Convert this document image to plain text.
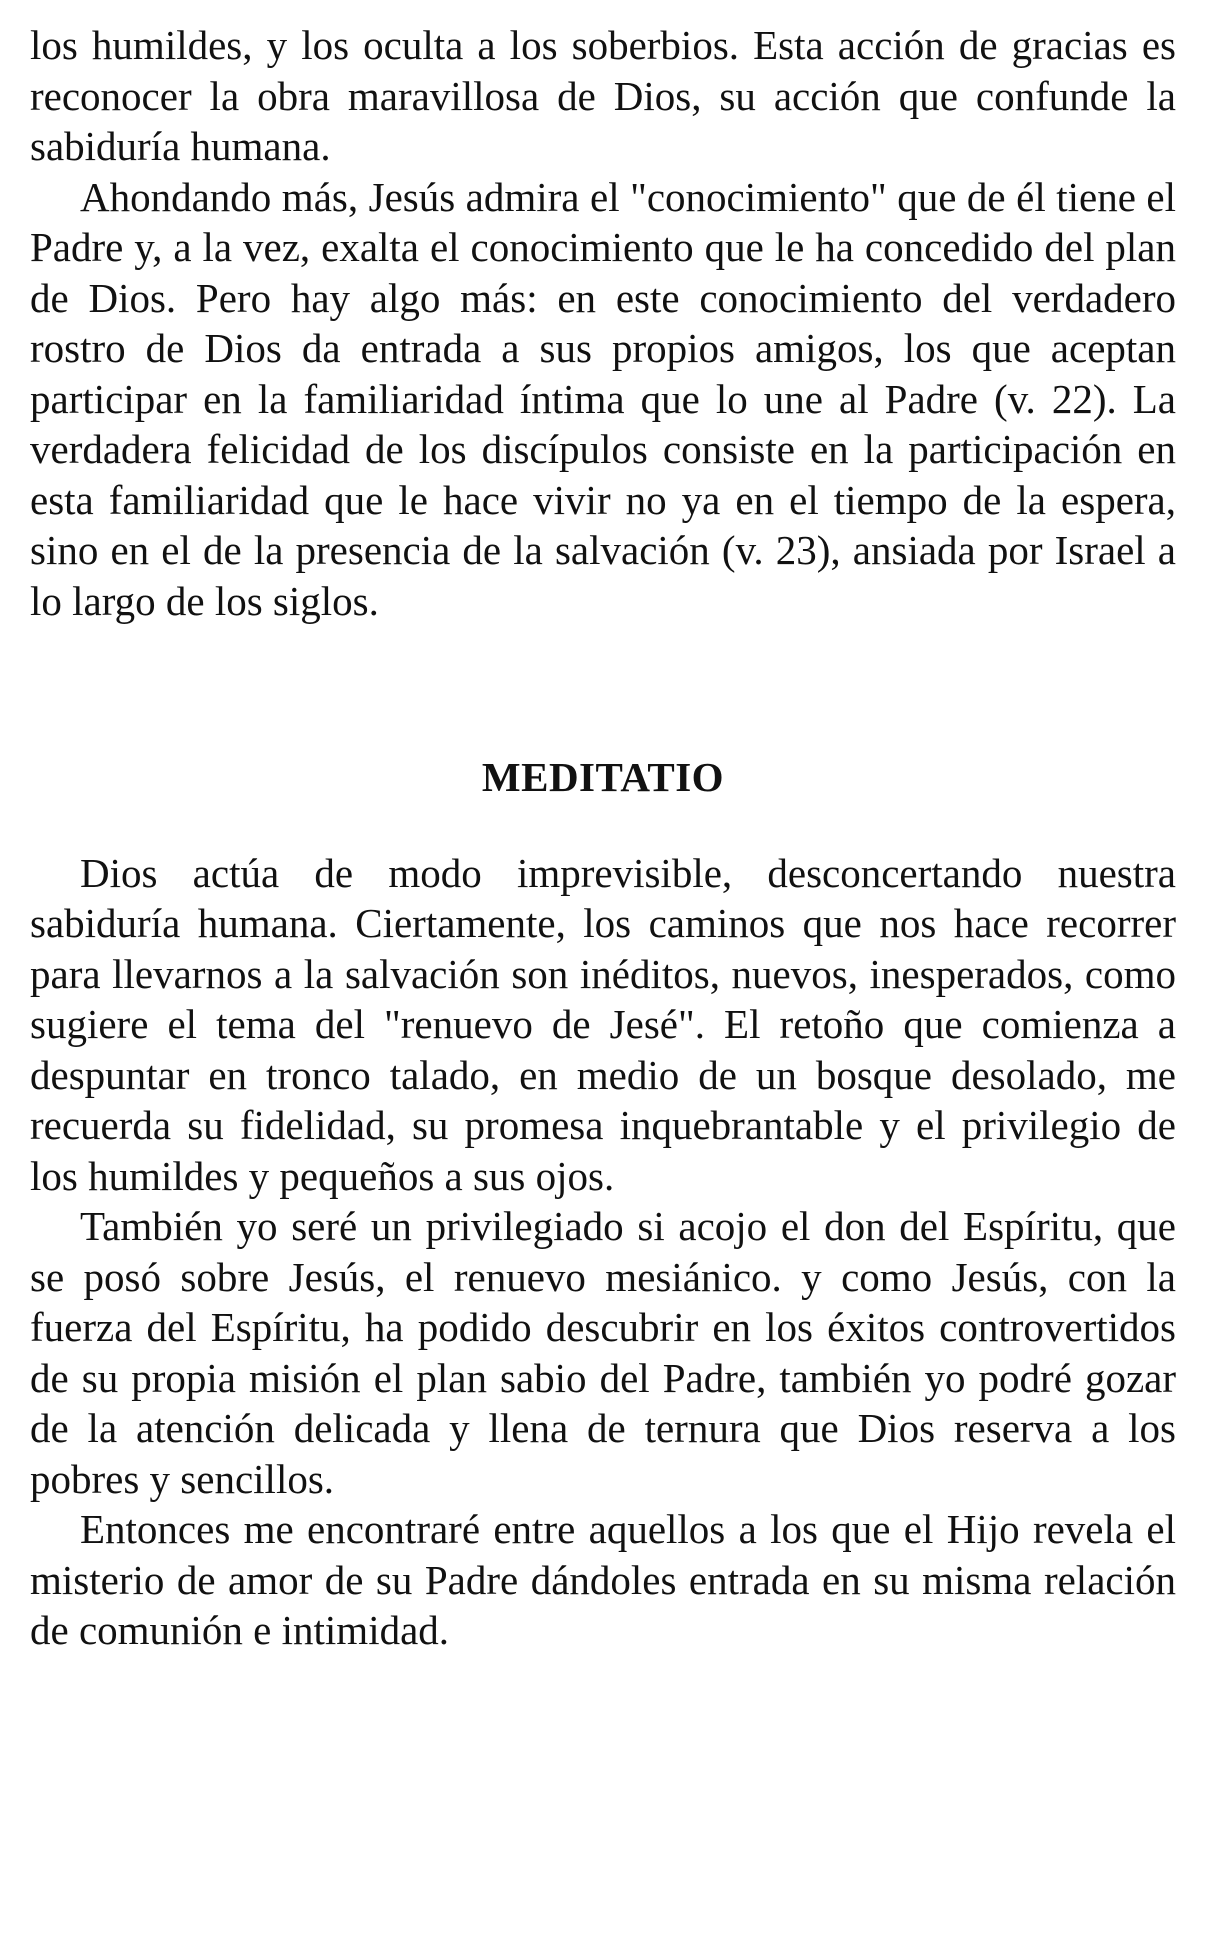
los humildes, y los oculta a los soberbios. Esta acción de gracias es reconocer la obra maravillosa de Dios, su acción que confunde la sabiduría humana.

Ahondando más, Jesús admira el "conocimiento" que de él tiene el Padre y, a la vez, exalta el conocimiento que le ha concedido del plan de Dios. Pero hay algo más: en este conocimiento del verdadero rostro de Dios da entrada a sus propios amigos, los que aceptan participar en la familiaridad íntima que lo une al Padre (v. 22). La verdadera felicidad de los discípulos consiste en la participación en esta familiaridad que le hace vivir no ya en el tiempo de la espera, sino en el de la presencia de la salvación (v. 23), ansiada por Israel a lo largo de los siglos.

MEDITATIO

Dios actúa de modo imprevisible, desconcertando nuestra sabiduría humana. Ciertamente, los caminos que nos hace recorrer para llevarnos a la salvación son inéditos, nuevos, inesperados, como sugiere el tema del "renuevo de Jesé". El retoño que comienza a despuntar en tronco talado, en medio de un bosque desolado, me recuerda su fidelidad, su promesa inquebrantable y el privilegio de los humildes y pequeños a sus ojos.

También yo seré un privilegiado si acojo el don del Espíritu, que se posó sobre Jesús, el renuevo mesiánico. y como Jesús, con la fuerza del Espíritu, ha podido descubrir en los éxitos controvertidos de su propia misión el plan sabio del Padre, también yo podré gozar de la atención delicada y llena de ternura que Dios reserva a los pobres y sencillos.

Entonces me encontraré entre aquellos a los que el Hijo revela el misterio de amor de su Padre dándoles entrada en su misma relación de comunión e intimidad.
